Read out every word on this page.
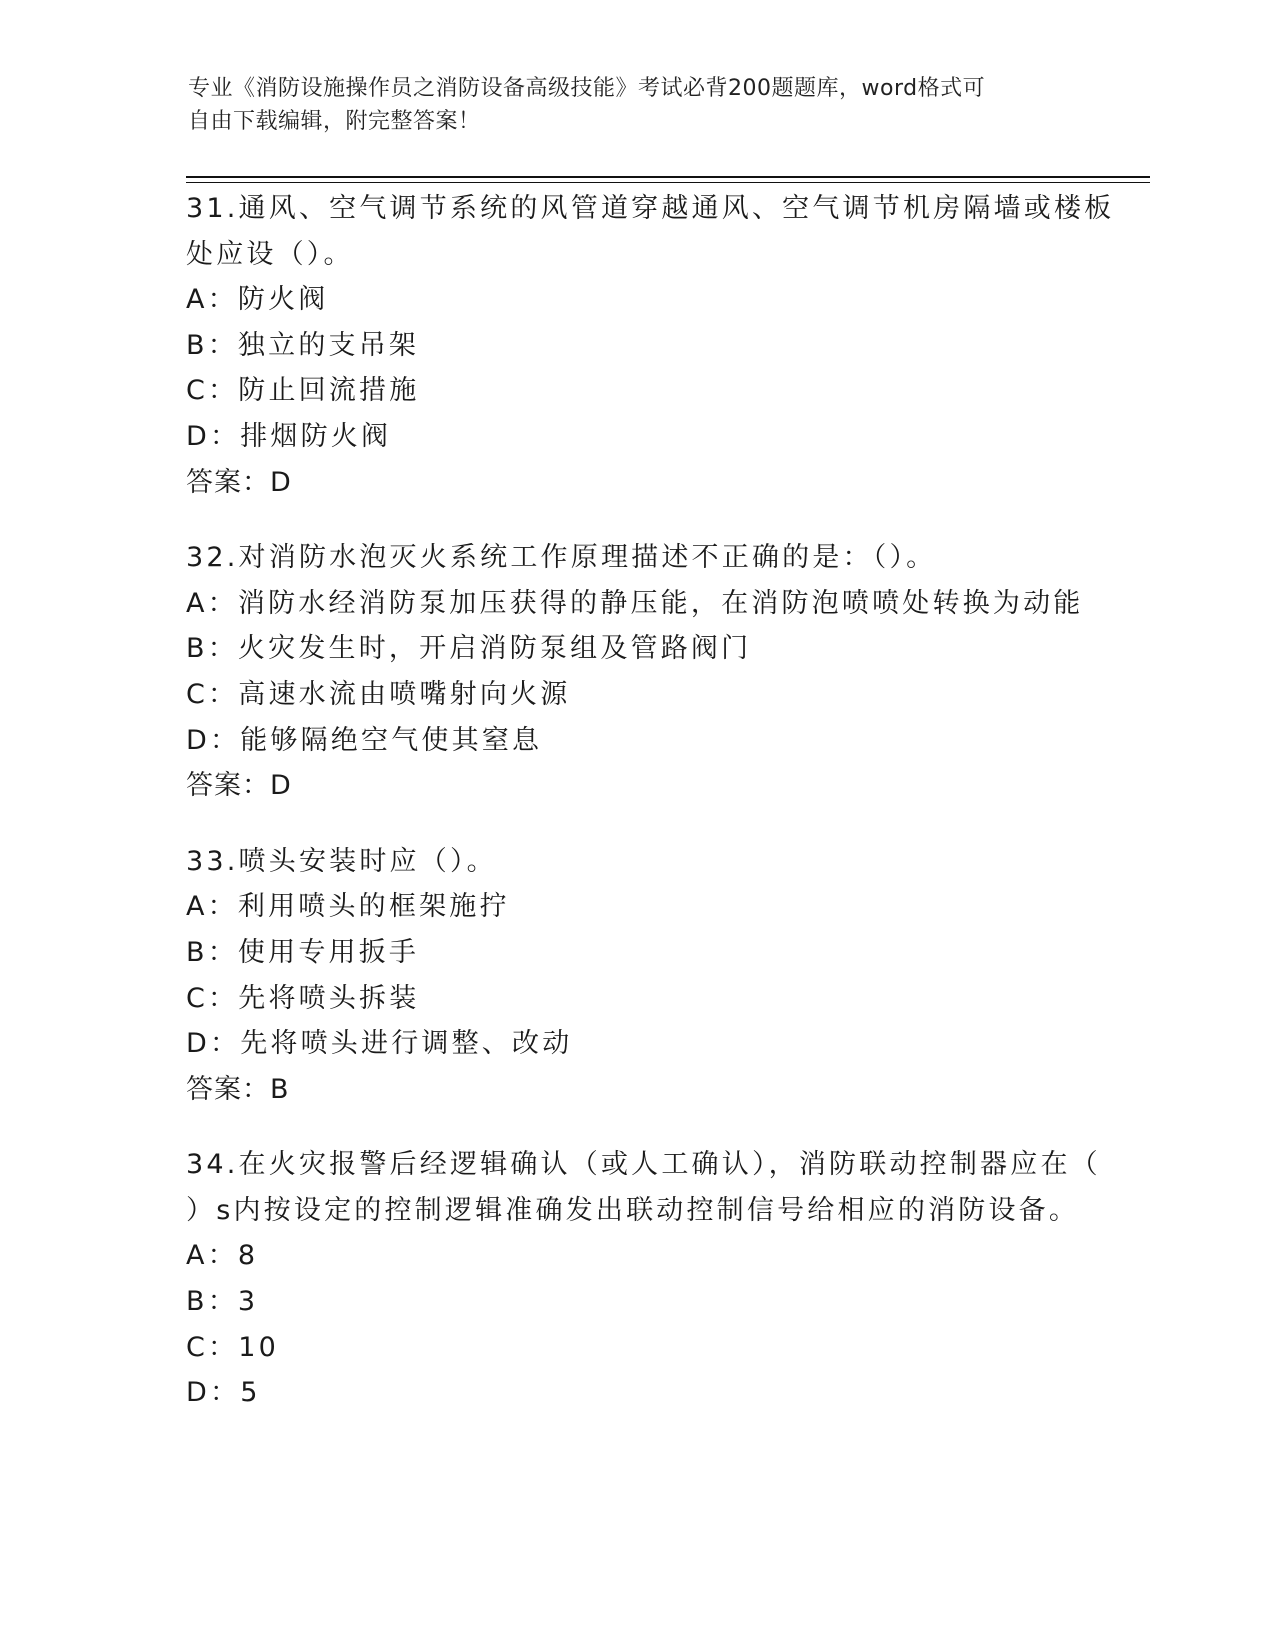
专业《消防设施操作员之消防设备高级技能》考试必背200题题库，word格式可
自由下载编辑，附完整答案！
31.通风、空气调节系统的风管道穿越通风、空气调节机房隔墙或楼板
处应设（）。
A：防火阀
B：独立的支吊架
C：防止回流措施
D：排烟防火阀
答案：D
32.对消防水泡灭火系统工作原理描述不正确的是：（）。
A：消防水经消防泵加压获得的静压能，在消防泡喷喷处转换为动能
B：火灾发生时，开启消防泵组及管路阀门
C：高速水流由喷嘴射向火源
D：能够隔绝空气使其窒息
答案：D
33.喷头安装时应（）。
A：利用喷头的框架施拧
B：使用专用扳手
C：先将喷头拆装
D：先将喷头进行调整、改动
答案：B
34.在火灾报警后经逻辑确认（或人工确认），消防联动控制器应在（
）s内按设定的控制逻辑准确发出联动控制信号给相应的消防设备。
A：8
B：3
C：10
D：5
